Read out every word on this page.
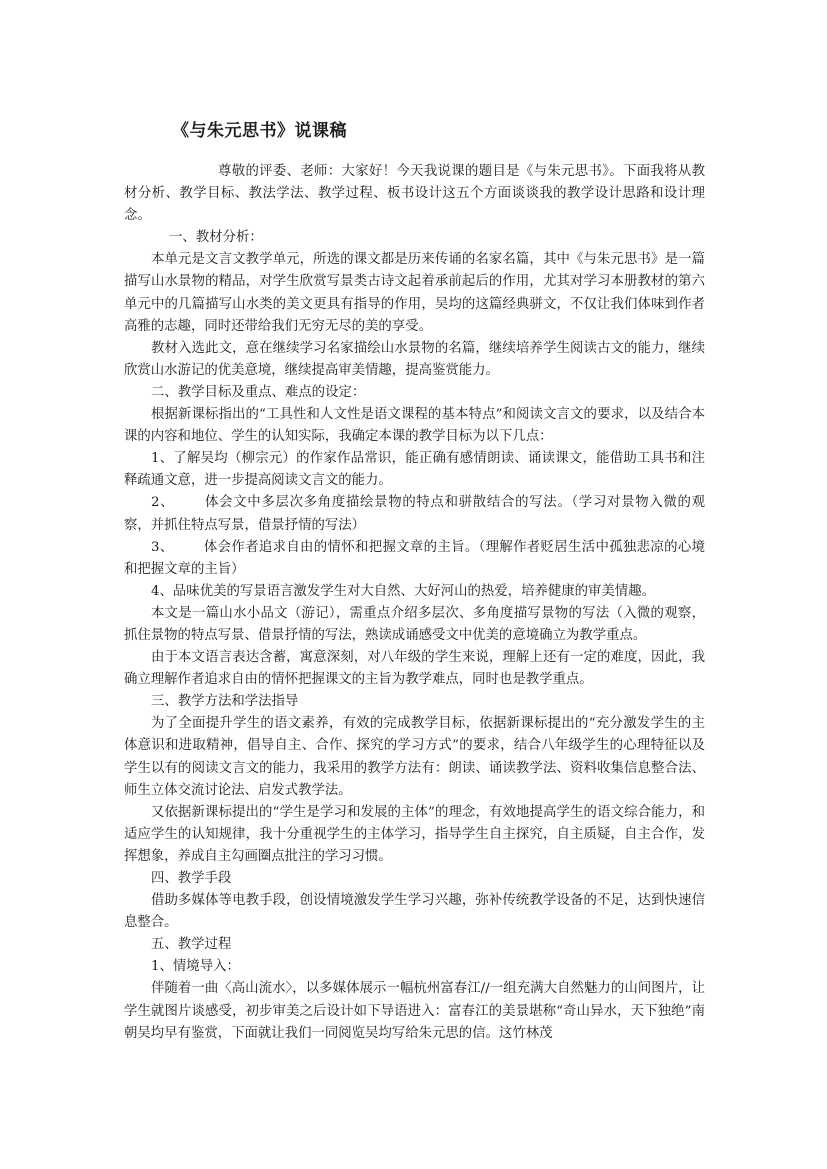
《与朱元思书》说课稿

尊敬的评委、老师：大家好！今天我说课的题目是《与朱元思书》。下面我将从教材分析、教学目标、教法学法、教学过程、板书设计这五个方面谈谈我的教学设计思路和设计理念。

一、教材分析：

本单元是文言文教学单元，所选的课文都是历来传诵的名家名篇，其中《与朱元思书》是一篇描写山水景物的精品，对学生欣赏写景类古诗文起着承前起后的作用，尤其对学习本册教材的第六单元中的几篇描写山水类的美文更具有指导的作用，吴均的这篇经典骈文，不仅让我们体味到作者高雅的志趣，同时还带给我们无穷无尽的美的享受。

教材入选此文，意在继续学习名家描绘山水景物的名篇，继续培养学生阅读古文的能力，继续欣赏山水游记的优美意境，继续提高审美情趣，提高鉴赏能力。

二、教学目标及重点、难点的设定：

根据新课标指出的“工具性和人文性是语文课程的基本特点”和阅读文言文的要求，以及结合本课的内容和地位、学生的认知实际，我确定本课的教学目标为以下几点：

1、了解吴均（柳宗元）的作家作品常识，能正确有感情朗读、诵读课文，能借助工具书和注释疏通文意，进一步提高阅读文言文的能力。

2、 体会文中多层次多角度描绘景物的特点和骈散结合的写法。（学习对景物入微的观察，并抓住特点写景，借景抒情的写法）

3、 体会作者追求自由的情怀和把握文章的主旨。（理解作者贬居生活中孤独悲凉的心境和把握文章的主旨）

4、品味优美的写景语言激发学生对大自然、大好河山的热爱，培养健康的审美情趣。

本文是一篇山水小品文（游记），需重点介绍多层次、多角度描写景物的写法（入微的观察，抓住景物的特点写景、借景抒情的写法，熟读成诵感受文中优美的意境确立为教学重点。

由于本文语言表达含蓄，寓意深刻，对八年级的学生来说，理解上还有一定的难度，因此，我确立理解作者追求自由的情怀把握课文的主旨为教学难点，同时也是教学重点。

三、教学方法和学法指导

为了全面提升学生的语文素养，有效的完成教学目标，依据新课标提出的“充分激发学生的主体意识和进取精神，倡导自主、合作、探究的学习方式”的要求，结合八年级学生的心理特征以及学生以有的阅读文言文的能力，我采用的教学方法有：朗读、诵读教学法、资料收集信息整合法、师生立体交流讨论法、启发式教学法。

又依据新课标提出的“学生是学习和发展的主体”的理念，有效地提高学生的语文综合能力，和适应学生的认知规律，我十分重视学生的主体学习，指导学生自主探究，自主质疑，自主合作，发挥想象，养成自主勾画圈点批注的学习习惯。

四、教学手段

借助多媒体等电教手段，创设情境激发学生学习兴趣，弥补传统教学设备的不足，达到快速信息整合。

五、教学过程

1、情境导入：

伴随着一曲〈高山流水〉，以多媒体展示一幅杭州富春江//一组充满大自然魅力的山间图片，让学生就图片谈感受，初步审美之后设计如下导语进入：富春江的美景堪称“奇山异水，天下独绝”南朝吴均早有鉴赏，下面就让我们一同阅览吴均写给朱元思的信。这竹林茂
